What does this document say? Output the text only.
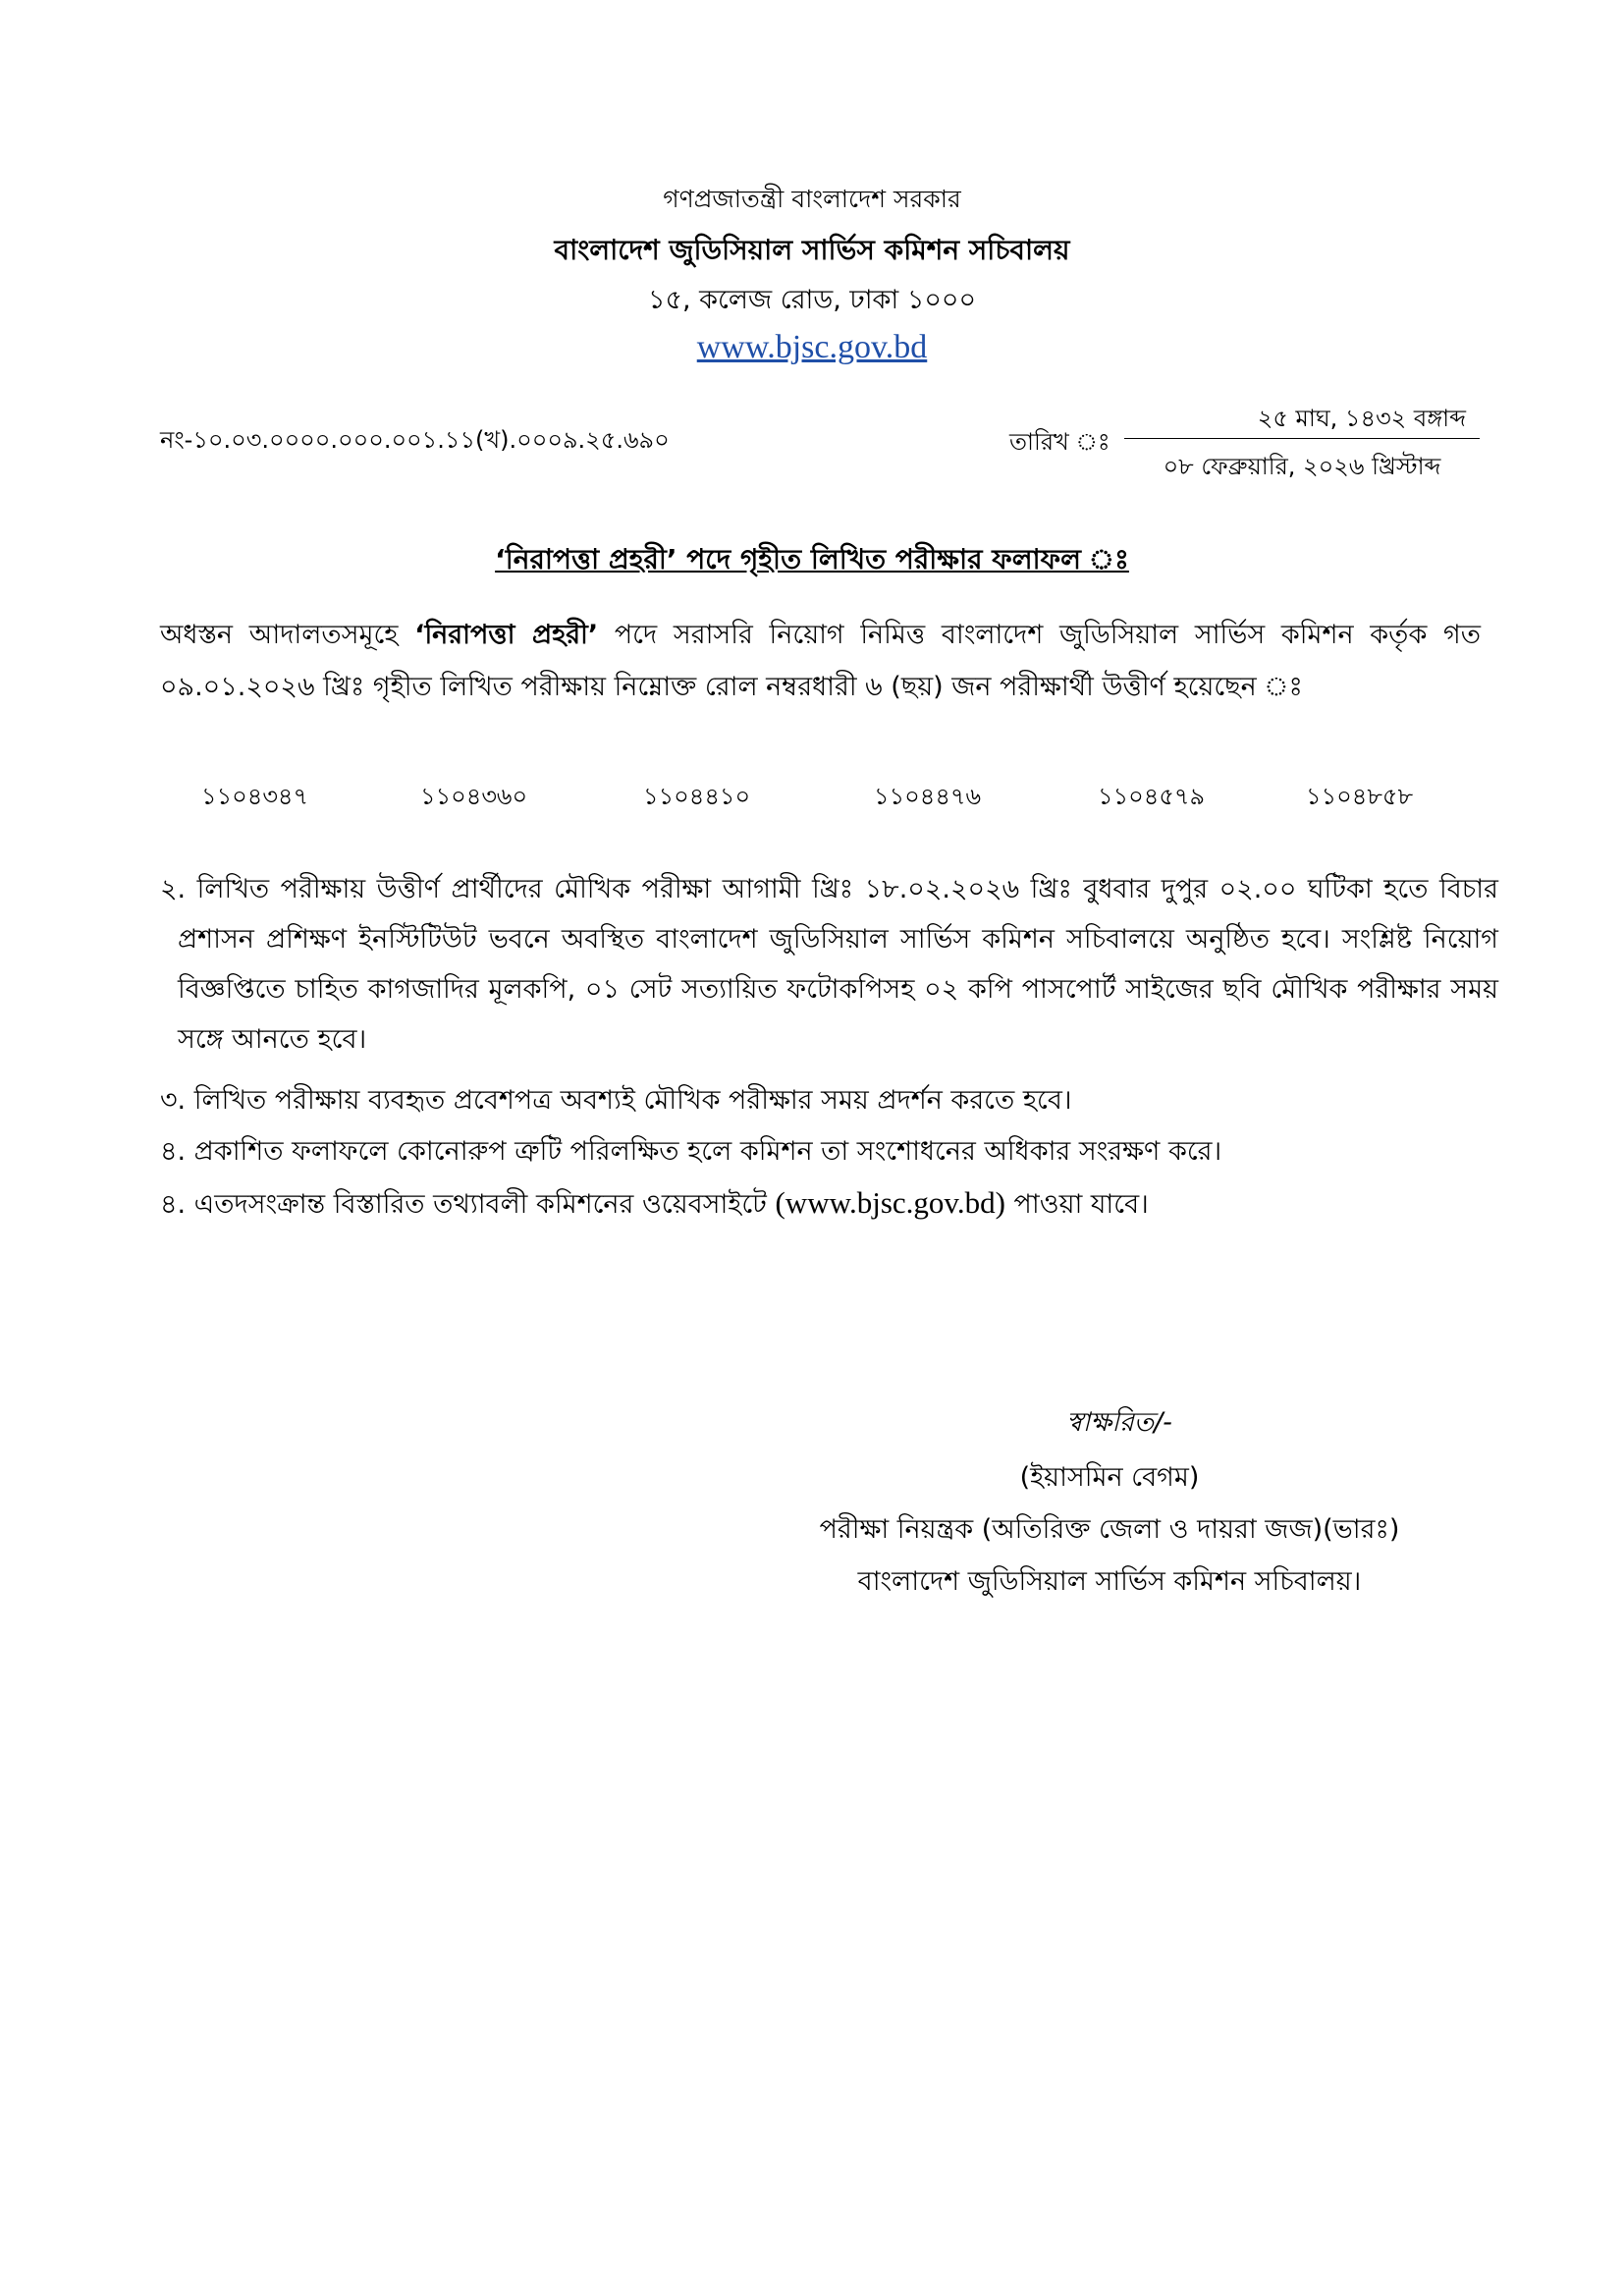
গণপ্রজাতন্ত্রী বাংলাদেশ সরকার
বাংলাদেশ জুডিসিয়াল সার্ভিস কমিশন সচিবালয়
১৫, কলেজ রোড, ঢাকা ১০০০
www.bjsc.gov.bd
নং-১০.০৩.০০০০.০০০.০০১.১১(খ).০০০৯.২৫.৬৯০	তারিখ ঃ
২৫ মাঘ, ১৪৩২ বঙ্গাব্দ
০৮ ফেব্রুয়ারি, ২০২৬ খ্রিস্টাব্দ
‘নিরাপত্তা প্রহরী’ পদে গৃহীত লিখিত পরীক্ষার ফলাফল ঃ
অধস্তন আদালতসমূহে ‘নিরাপত্তা প্রহরী’ পদে সরাসরি নিয়োগ নিমিত্ত বাংলাদেশ জুডিসিয়াল সার্ভিস কমিশন কর্তৃক গত ০৯.০১.২০২৬ খ্রিঃ গৃহীত লিখিত পরীক্ষায় নিম্নোক্ত রোল নম্বরধারী ৬ (ছয়) জন পরীক্ষার্থী উত্তীর্ণ হয়েছেন ঃ
১১০৪৩৪৭	১১০৪৩৬০	১১০৪৪১০	১১০৪৪৭৬	১১০৪৫৭৯	১১০৪৮৫৮
২. লিখিত পরীক্ষায় উত্তীর্ণ প্রার্থীদের মৌখিক পরীক্ষা আগামী খ্রিঃ ১৮.০২.২০২৬ খ্রিঃ বুধবার দুপুর ০২.০০ ঘটিকা হতে বিচার প্রশাসন প্রশিক্ষণ ইনস্টিটিউট ভবনে অবস্থিত বাংলাদেশ জুডিসিয়াল সার্ভিস কমিশন সচিবালয়ে অনুষ্ঠিত হবে। সংশ্লিষ্ট নিয়োগ বিজ্ঞপ্তিতে চাহিত কাগজাদির মূলকপি, ০১ সেট সত্যায়িত ফটোকপিসহ ০২ কপি পাসপোর্ট সাইজের ছবি মৌখিক পরীক্ষার সময় সঙ্গে আনতে হবে।
৩. লিখিত পরীক্ষায় ব্যবহৃত প্রবেশপত্র অবশ্যই মৌখিক পরীক্ষার সময় প্রদর্শন করতে হবে।
৪. প্রকাশিত ফলাফলে কোনোরুপ ত্রুটি পরিলক্ষিত হলে কমিশন তা সংশোধনের অধিকার সংরক্ষণ করে।
৪. এতদসংক্রান্ত বিস্তারিত তথ্যাবলী কমিশনের ওয়েবসাইটে (www.bjsc.gov.bd) পাওয়া যাবে।
স্বাক্ষরিত/-
(ইয়াসমিন বেগম)
পরীক্ষা নিয়ন্ত্রক (অতিরিক্ত জেলা ও দায়রা জজ)(ভারঃ)
বাংলাদেশ জুডিসিয়াল সার্ভিস কমিশন সচিবালয়।
